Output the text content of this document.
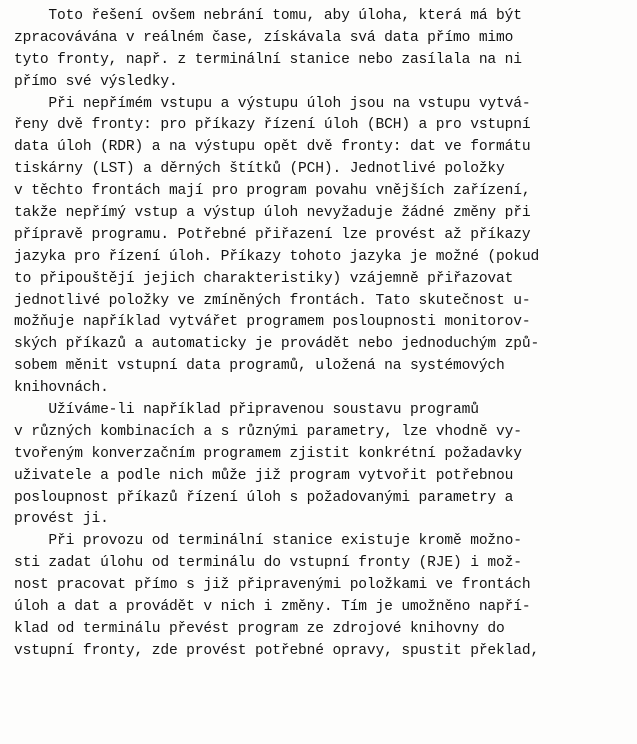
Toto řešení ovšem nebrání tomu, aby úloha, která má být
zpracovávána v reálném čase, získávala svá data přímo mimo
tyto fronty, např. z terminální stanice nebo zasílala na ni
přímo své výsledky.
Při nepřímém vstupu a výstupu úloh jsou na vstupu vytvá-
řeny dvě fronty: pro příkazy řízení úloh (BCH) a pro vstupní
data úloh (RDR) a na výstupu opět dvě fronty: dat ve formátu
tiskárny (LST) a děrných štítků (PCH). Jednotlivé položky
v těchto frontách mají pro program povahu vnějších zařízení,
takže nepřímý vstup a výstup úloh nevyžaduje žádné změny při
přípravě programu. Potřebné přiřazení lze provést až příkazy
jazyka pro řízení úloh. Příkazy tohoto jazyka je možné (pokud
to připouštějí jejich charakteristiky) vzájemně přiřazovat
jednotlivé položky ve zmíněných frontách. Tato skutečnost u-
možňuje například vytvářet programem posloupnosti monitorov-
ských příkazů a automaticky je provádět nebo jednoduchým způ-
sobem měnit vstupní data programů, uložená na systémových
knihovnách.
Užíváme-li například připravenou soustavu programů
v různých kombinacích a s různými parametry, lze vhodně vy-
tvořeným konverzačním programem zjistit konkrétní požadavky
uživatele a podle nich může již program vytvořit potřebnou
posloupnost příkazů řízení úloh s požadovanými parametry a
provést ji.
Při provozu od terminální stanice existuje kromě možno-
sti zadat úlohu od terminálu do vstupní fronty (RJE) i mož-
nost pracovat přímo s již připravenými položkami ve frontách
úloh a dat a provádět v nich i změny. Tím je umožněno napří-
klad od terminálu převést program ze zdrojové knihovny do
vstupní fronty, zde provést potřebné opravy, spustit překlad,
